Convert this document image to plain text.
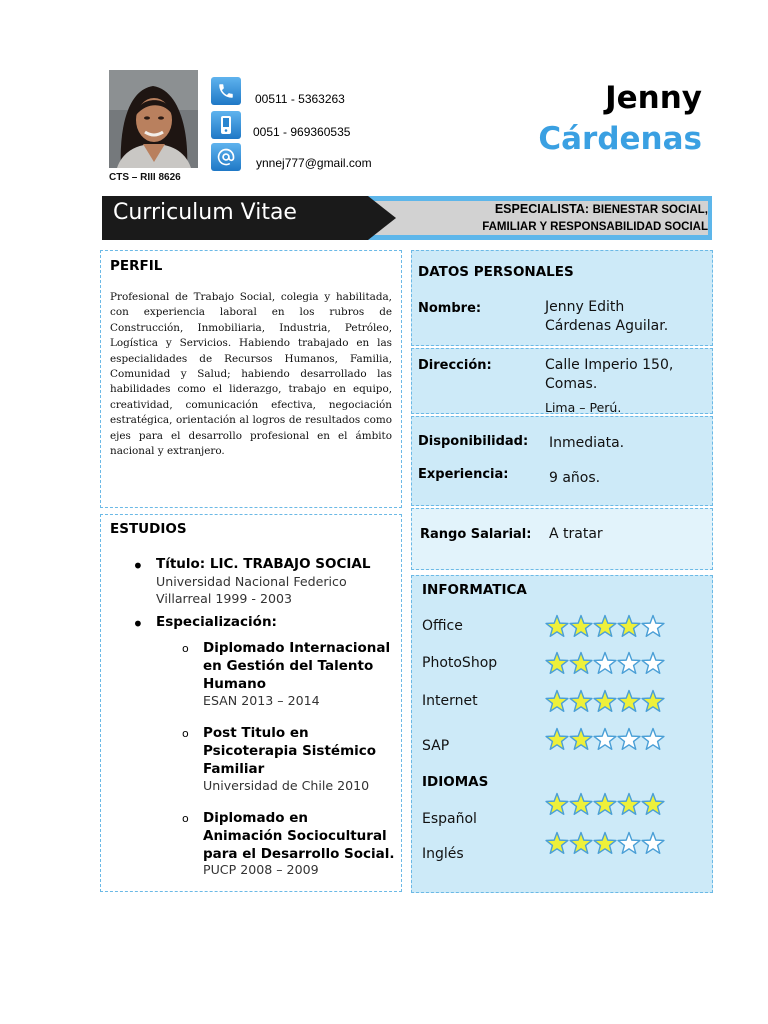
CTS – RIII 8626
00511 - 5363263
0051 - 969360535
ynnej777@gmail.com
Jenny
Cárdenas
Curriculum Vitae	ESPECIALISTA: BIENESTAR SOCIAL,
FAMILIAR Y RESPONSABILIDAD SOCIAL
PERFIL
Profesional de Trabajo Social, colegia y habilitada, con experiencia laboral en los rubros de Construcción, Inmobiliaria, Industria, Petróleo, Logística y Servicios. Habiendo trabajado en las especialidades de Recursos Humanos, Familia, Comunidad y Salud; habiendo desarrollado las habilidades como el liderazgo, trabajo en equipo, creatividad, comunicación efectiva, negociación estratégica, orientación al logros de resultados como ejes para el desarrollo profesional en el ámbito nacional y extranjero.
ESTUDIOS
• Título: LIC. TRABAJO SOCIAL
Universidad Nacional Federico
Villarreal 1999 - 2003
• Especialización:
o Diplomado Internacional
en Gestión del Talento
Humano
ESAN 2013 – 2014
o Post Titulo en
Psicoterapia Sistémico
Familiar
Universidad de Chile 2010
o Diplomado en
Animación Sociocultural
para el Desarrollo Social.
PUCP 2008 – 2009
DATOS PERSONALES
Nombre:	Jenny Edith
Cárdenas Aguilar.
Dirección:	Calle Imperio 150,
Comas.
Lima – Perú.
Disponibilidad: Inmediata.
Experiencia:	9 años.
Rango Salarial: A tratar
INFORMATICA
Office
PhotoShop
Internet
SAP
IDIOMAS
Español
Inglés
